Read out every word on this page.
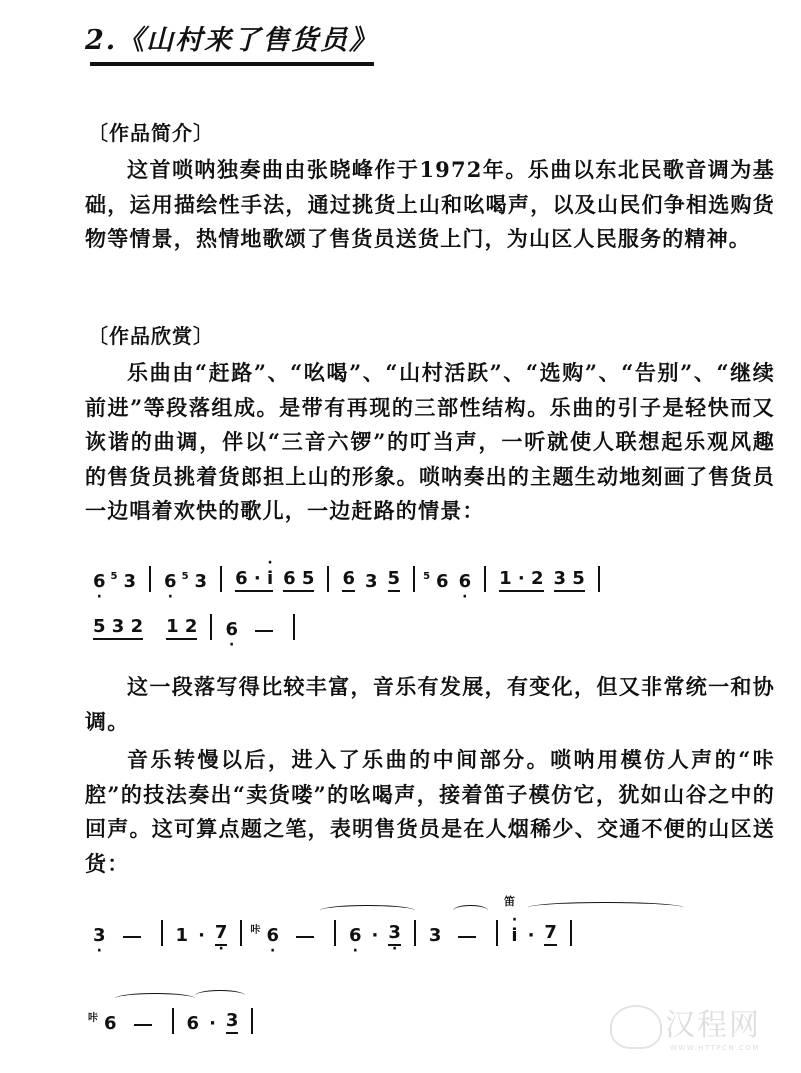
2.《山村来了售货员》
〔作品简介〕
这首唢呐独奏曲由张晓峰作于1972年。乐曲以东北民歌音调为基础，运用描绘性手法，通过挑货上山和吆喝声，以及山民们争相选购货物等情景，热情地歌颂了售货员送货上门，为山区人民服务的精神。
〔作品欣赏〕
乐曲由“赶路”、“吆喝”、“山村活跃”、“选购”、“告别”、“继续前进”等段落组成。是带有再现的三部性结构。乐曲的引子是轻快而又诙谐的曲调，伴以“三音六锣”的叮当声，一听就使人联想起乐观风趣的售货员挑着货郎担上山的形象。唢呐奏出的主题生动地刻画了售货员一边唱着欢快的歌儿，一边赶路的情景：
6 · 5 3 6 · 5 3 6 · · i 6 5 6 3 5 5 6 6 · 1 · 2 3 5
5 3 2 1 2 6 ·
这一段落写得比较丰富，音乐有发展，有变化，但又非常统一和协调。
音乐转慢以后，进入了乐曲的中间部分。唢呐用模仿人声的“咔腔”的技法奏出“卖货喽”的吆喝声，接着笛子模仿它，犹如山谷之中的回声。这可算点题之笔，表明售货员是在人烟稀少、交通不便的山区送货：
笛
3 ·	1 · 7 · 咔 6 ·	6 · · 3 · 3	· i · 7
咔 6	6 · 3	汉程网
WWW.HTTPCN.COM
